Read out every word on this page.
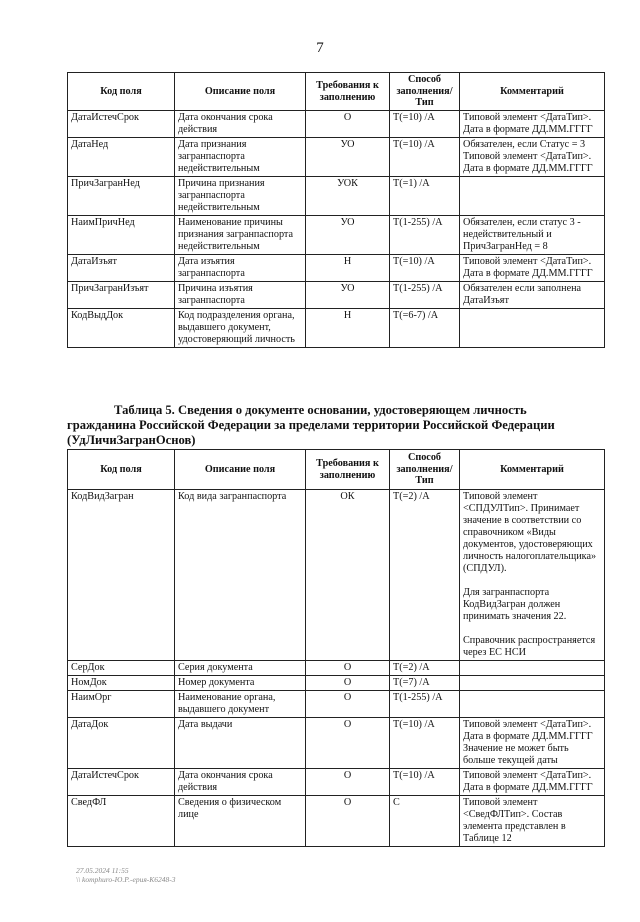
7
Код поля	Описание поля	Требования к заполнению	Способ заполнения/ Тип	Комментарий
ДатаИстечСрок	Дата окончания срока действия	О	Т(=10) /А	Типовой элемент <ДатаТип>. Дата в формате ДД.ММ.ГГГГ

ДатаНед	Дата признания загранпаспорта недействительным	УО	Т(=10) /А	Обязателен, если Статус = 3 Типовой элемент <ДатаТип>. Дата в формате ДД.ММ.ГГГГ

ПричЗагранНед	Причина признания загранпаспорта недействительным	УОК	Т(=1) /А	
НаимПричНед	Наименование причины признания загранпаспорта недействительным	УО	Т(1-255) /А	Обязателен, если статус 3 - недействительный и ПричЗагранНед = 8

ДатаИзъят	Дата изъятия загранпаспорта	Н	Т(=10) /А	Типовой элемент <ДатаТип>. Дата в формате ДД.ММ.ГГГГ

ПричЗагранИзъят	Причина изъятия загранпаспорта	УО	Т(1-255) /А	Обязателен если заполнена ДатаИзъят

КодВыдДок	Код подразделения органа, выдавшего документ, удостоверяющий личность	Н	Т(=6-7) /А	
Таблица 5. Сведения о документе основании, удостоверяющем личность
гражданина Российской Федерации за пределами территории Российской Федерации (УдЛичиЗагранОснов)
Код поля	Описание поля	Требования к заполнению	Способ заполнения/ Тип	Комментарий
КодВидЗагран	Код вида загранпаспорта	ОК	Т(=2) /А	Типовой элемент <СПДУЛТип>. Принимает значение в соответствии со справочником «Виды документов, удостоверяющих личность налогоплательщика» (СПДУЛ).
Для загранпаспорта КодВидЗагран должен принимать значения 22.
Справочник распространяется через ЕС НСИ

СерДок	Серия документа	О	Т(=2) /А	
НомДок	Номер документа	О	Т(=7) /А	
НаимОрг	Наименование органа, выдавшего документ	О	Т(1-255) /А	
ДатаДок	Дата выдачи	О	Т(=10) /А	Типовой элемент <ДатаТип>. Дата в формате ДД.ММ.ГГГГ Значение не может быть больше текущей даты

ДатаИстечСрок	Дата окончания срока действия	О	Т(=10) /А	Типовой элемент <ДатаТип>. Дата в формате ДД.ММ.ГГГГ

СведФЛ	Сведения о физическом лице	О	С	Типовой элемент <СведФЛТип>. Состав элемента представлен в Таблице 12
27.05.2024 11:55
\\ komphuro-Ю.Р.-ерия-К6248-3
